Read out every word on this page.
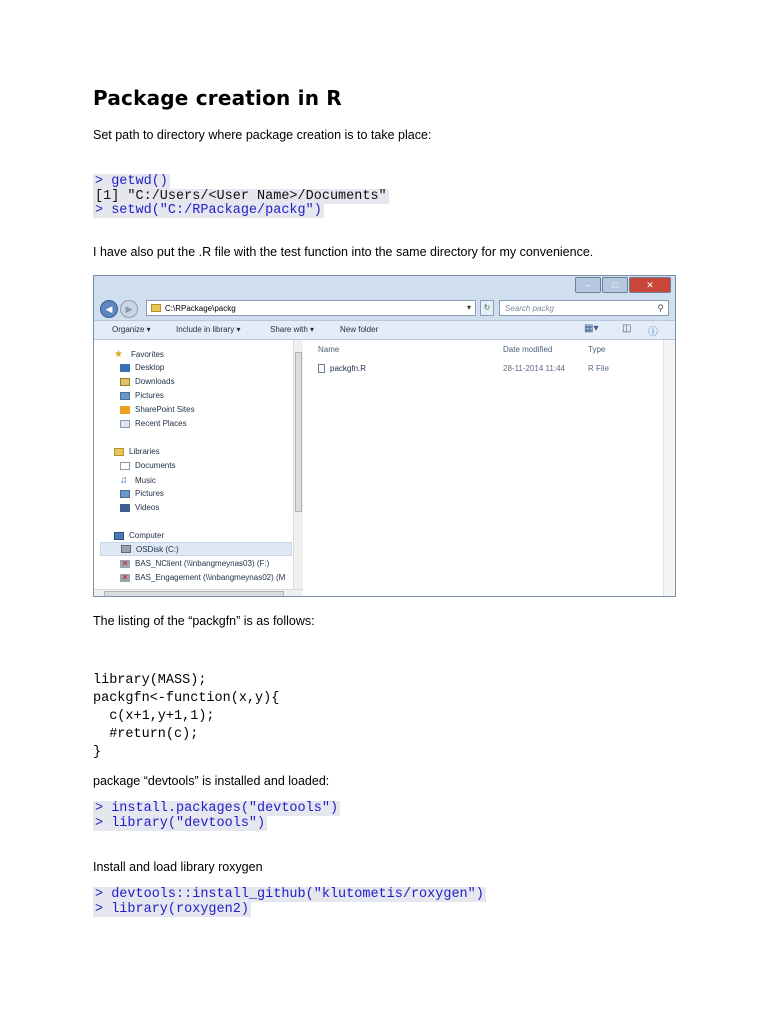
Package creation in R
Set path to directory where package creation is to take place:
> getwd()
[1] "C:/Users/<User Name>/Documents"
> setwd("C:/RPackage/packg")
I have also put the .R file with the test function into the same directory for my convenience.
–	□	✕
◀	▶	C:\RPackage\packg	▾	↻	Search packg	⚲
Organize ▾	Include in library ▾	Share with ▾	New folder	▦▾ ◫ ⓘ
★	Favorites
Desktop
Downloads
Pictures
SharePoint Sites
Recent Places
Libraries
Documents
♫ Music
Pictures
Videos
Computer
OSDisk (C:)
✕ BAS_NClient (\\inbangmeynas03) (F:)
✕ BAS_Engagement (\\inbangmeynas02) (M
Name	Date modified	Type
packgfn.R	28-11-2014 11:44	R File
The listing of the “packgfn” is as follows:
library(MASS);
packgfn<-function(x,y){
c(x+1,y+1,1);
#return(c);
}
package “devtools” is installed and loaded:
> install.packages("devtools")
> library("devtools")
Install and load library roxygen
> devtools::install_github("klutometis/roxygen")
> library(roxygen2)
